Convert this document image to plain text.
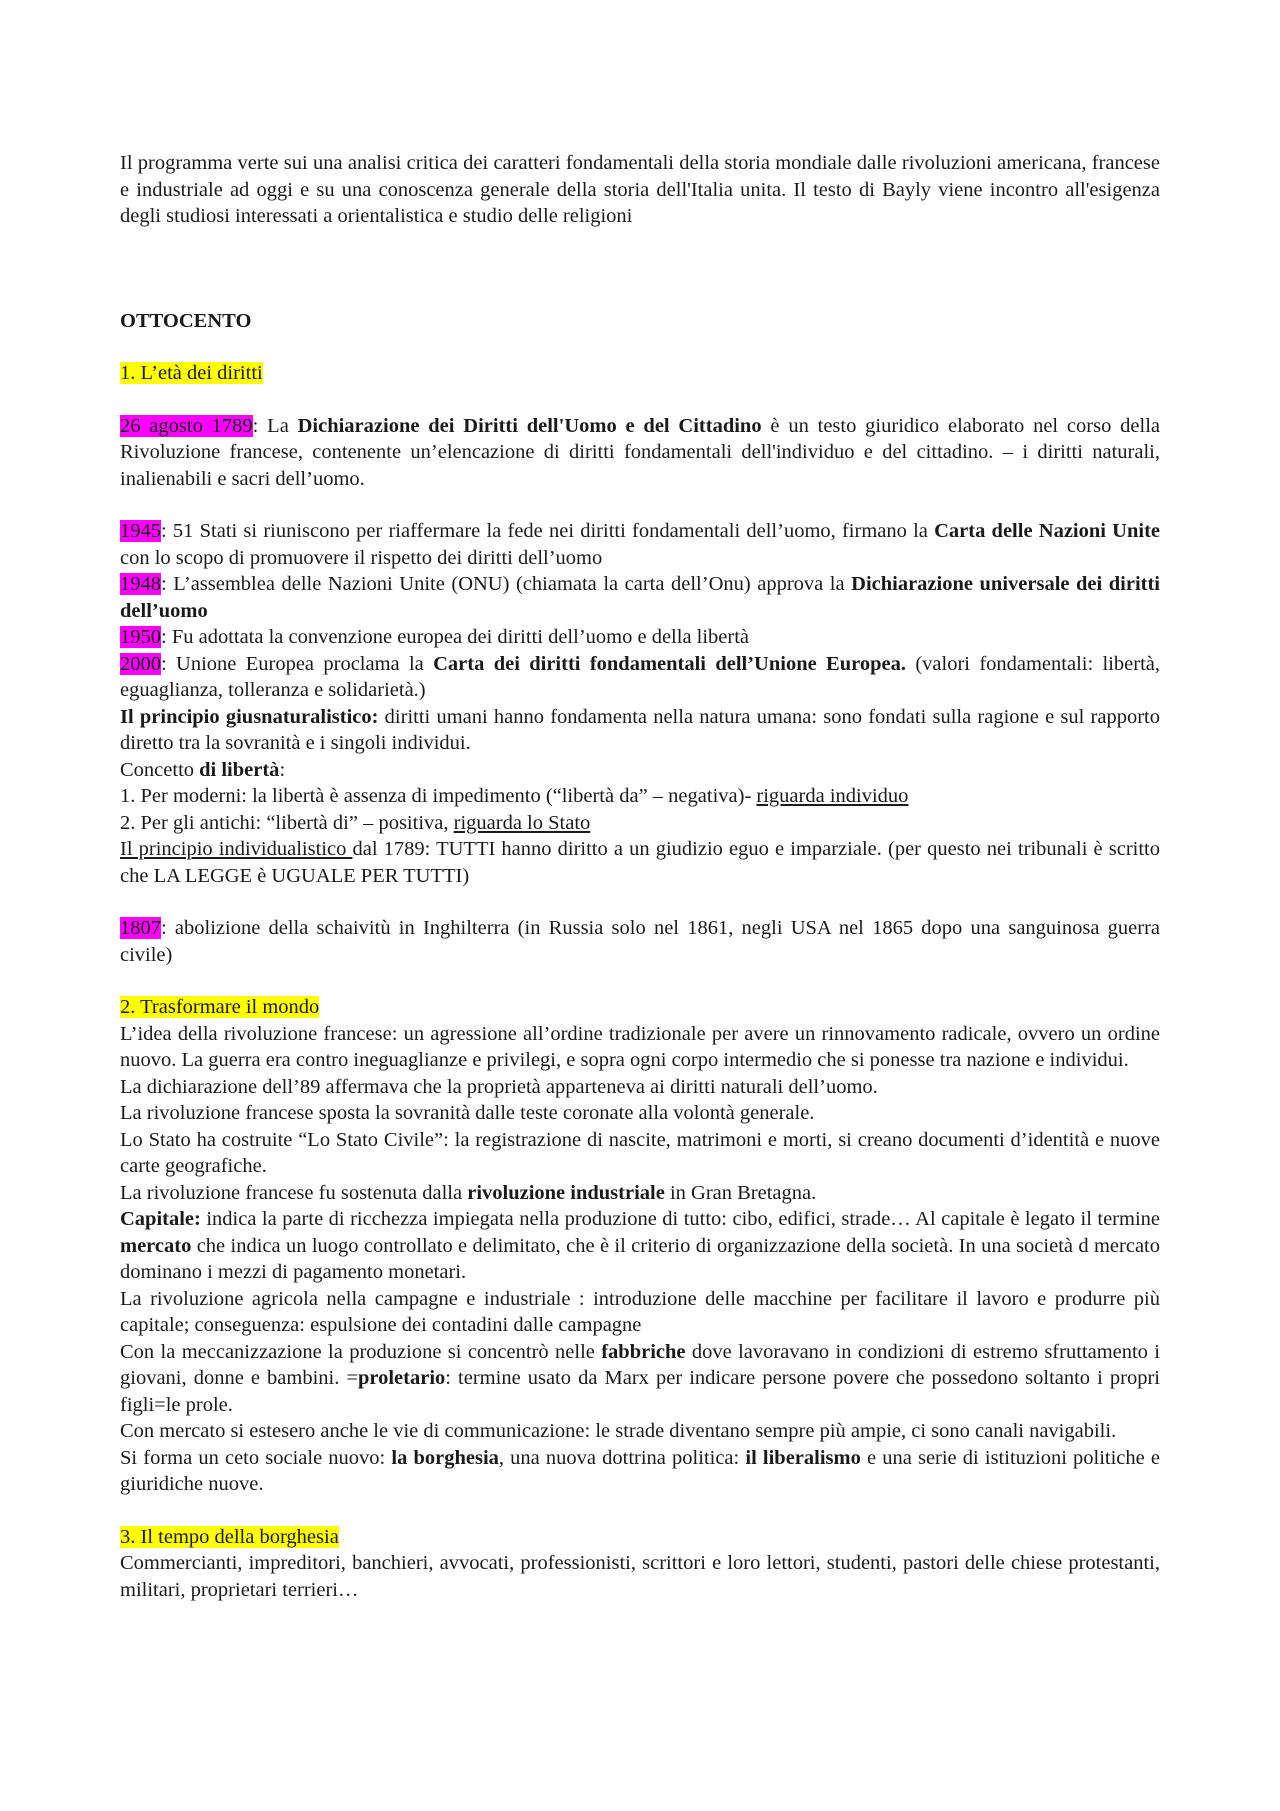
Il programma verte sui una analisi critica dei caratteri fondamentali della storia mondiale dalle rivoluzioni americana, francese e industriale ad oggi e su una conoscenza generale della storia dell'Italia unita. Il testo di Bayly viene incontro all'esigenza degli studiosi interessati a orientalistica e studio delle religioni

OTTOCENTO

1. L’età dei diritti

26 agosto 1789: La Dichiarazione dei Diritti dell'Uomo e del Cittadino è un testo giuridico elaborato nel corso della Rivoluzione francese, contenente un’elencazione di diritti fondamentali dell'individuo e del cittadino. – i diritti naturali, inalienabili e sacri dell’uomo.

1945: 51 Stati si riuniscono per riaffermare la fede nei diritti fondamentali dell’uomo, firmano la Carta delle Nazioni Unite con lo scopo di promuovere il rispetto dei diritti dell’uomo

1948: L’assemblea delle Nazioni Unite (ONU) (chiamata la carta dell’Onu) approva la Dichiarazione universale dei diritti dell’uomo

1950: Fu adottata la convenzione europea dei diritti dell’uomo e della libertà

2000: Unione Europea proclama la Carta dei diritti fondamentali dell’Unione Europea. (valori fondamentali: libertà, eguaglianza, tolleranza e solidarietà.)

Il principio giusnaturalistico: diritti umani hanno fondamenta nella natura umana: sono fondati sulla ragione e sul rapporto diretto tra la sovranità e i singoli individui.

Concetto di libertà:

1. Per moderni: la libertà è assenza di impedimento (“libertà da” – negativa)- riguarda individuo

2. Per gli antichi: “libertà di” – positiva, riguarda lo Stato

Il principio individualistico dal 1789: TUTTI hanno diritto a un giudizio eguo e imparziale. (per questo nei tribunali è scritto che LA LEGGE è UGUALE PER TUTTI)

1807: abolizione della schaivitù in Inghilterra (in Russia solo nel 1861, negli USA nel 1865 dopo una sanguinosa guerra civile)

2. Trasformare il mondo

L’idea della rivoluzione francese: un agressione all’ordine tradizionale per avere un rinnovamento radicale, ovvero un ordine nuovo. La guerra era contro ineguaglianze e privilegi, e sopra ogni corpo intermedio che si ponesse tra nazione e individui.

La dichiarazione dell’89 affermava che la proprietà apparteneva ai diritti naturali dell’uomo.

La rivoluzione francese sposta la sovranità dalle teste coronate alla volontà generale.

Lo Stato ha costruite “Lo Stato Civile”: la registrazione di nascite, matrimoni e morti, si creano documenti d’identità e nuove carte geografiche.

La rivoluzione francese fu sostenuta dalla rivoluzione industriale in Gran Bretagna.

Capitale: indica la parte di ricchezza impiegata nella produzione di tutto: cibo, edifici, strade… Al capitale è legato il termine mercato che indica un luogo controllato e delimitato, che è il criterio di organizzazione della società. In una società d mercato dominano i mezzi di pagamento monetari.

La rivoluzione agricola nella campagne e industriale : introduzione delle macchine per facilitare il lavoro e produrre più capitale; conseguenza: espulsione dei contadini dalle campagne

Con la meccanizzazione la produzione si concentrò nelle fabbriche dove lavoravano in condizioni di estremo sfruttamento i giovani, donne e bambini. =proletario: termine usato da Marx per indicare persone povere che possedono soltanto i propri figli=le prole.

Con mercato si estesero anche le vie di communicazione: le strade diventano sempre più ampie, ci sono canali navigabili.

Si forma un ceto sociale nuovo: la borghesia, una nuova dottrina politica: il liberalismo e una serie di istituzioni politiche e giuridiche nuove.

3. Il tempo della borghesia

Commercianti, impreditori, banchieri, avvocati, professionisti, scrittori e loro lettori, studenti, pastori delle chiese protestanti, militari, proprietari terrieri…
